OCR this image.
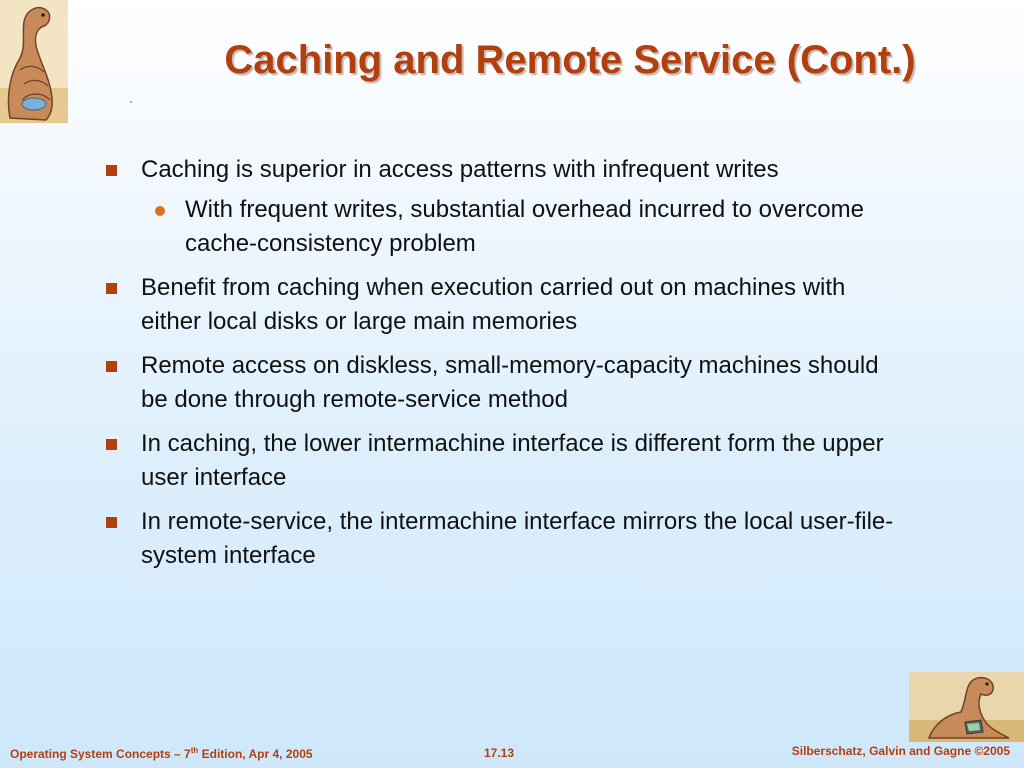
Caching and Remote Service (Cont.)
Caching is superior in access patterns with infrequent writes
With frequent writes, substantial overhead incurred to overcome cache-consistency problem
Benefit from caching when execution carried out on machines with either local disks or large main memories
Remote access on diskless, small-memory-capacity machines should be done through remote-service method
In caching, the lower intermachine interface is different form the upper user interface
In remote-service, the intermachine interface mirrors the local user-file-system interface
Operating System Concepts – 7th Edition, Apr 4, 2005	17.13	Silberschatz, Galvin and Gagne ©2005
